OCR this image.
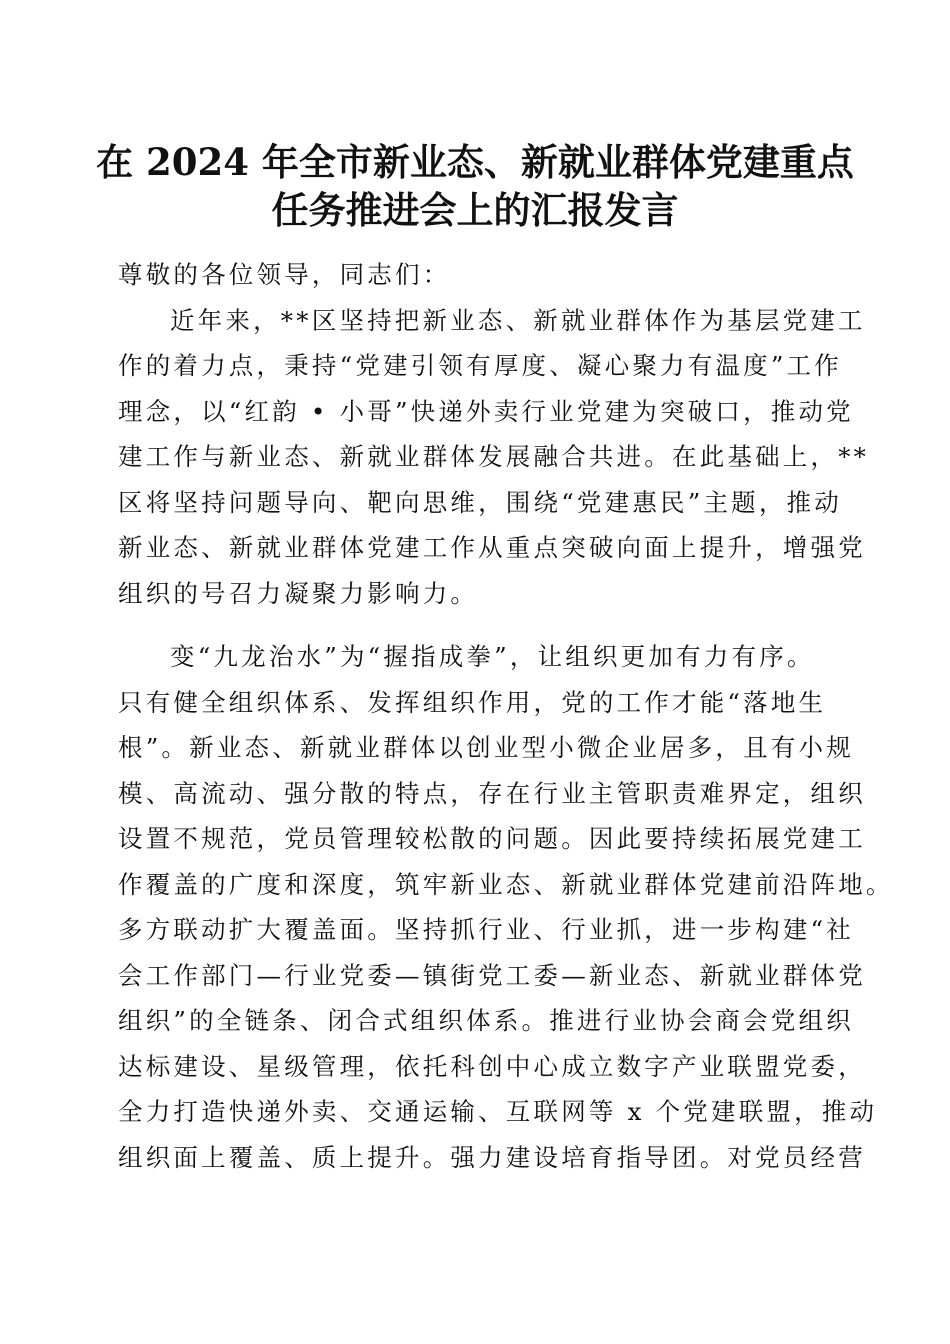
在 2024 年全市新业态、新就业群体党建重点
任务推进会上的汇报发言
尊敬的各位领导，同志们：
近年来，**区坚持把新业态、新就业群体作为基层党建工
作的着力点，秉持“党建引领有厚度、凝心聚力有温度”工作
理念，以“红韵 • 小哥”快递外卖行业党建为突破口，推动党
建工作与新业态、新就业群体发展融合共进。在此基础上，**
区将坚持问题导向、靶向思维，围绕“党建惠民”主题，推动
新业态、新就业群体党建工作从重点突破向面上提升，增强党
组织的号召力凝聚力影响力。
变“九龙治水”为“握指成拳”，让组织更加有力有序。
只有健全组织体系、发挥组织作用，党的工作才能“落地生
根”。新业态、新就业群体以创业型小微企业居多，且有小规
模、高流动、强分散的特点，存在行业主管职责难界定，组织
设置不规范，党员管理较松散的问题。因此要持续拓展党建工
作覆盖的广度和深度，筑牢新业态、新就业群体党建前沿阵地。
多方联动扩大覆盖面。坚持抓行业、行业抓，进一步构建“社
会工作部门—行业党委—镇街党工委—新业态、新就业群体党
组织”的全链条、闭合式组织体系。推进行业协会商会党组织
达标建设、星级管理，依托科创中心成立数字产业联盟党委，
全力打造快递外卖、交通运输、互联网等 x 个党建联盟，推动
组织面上覆盖、质上提升。强力建设培育指导团。对党员经营
